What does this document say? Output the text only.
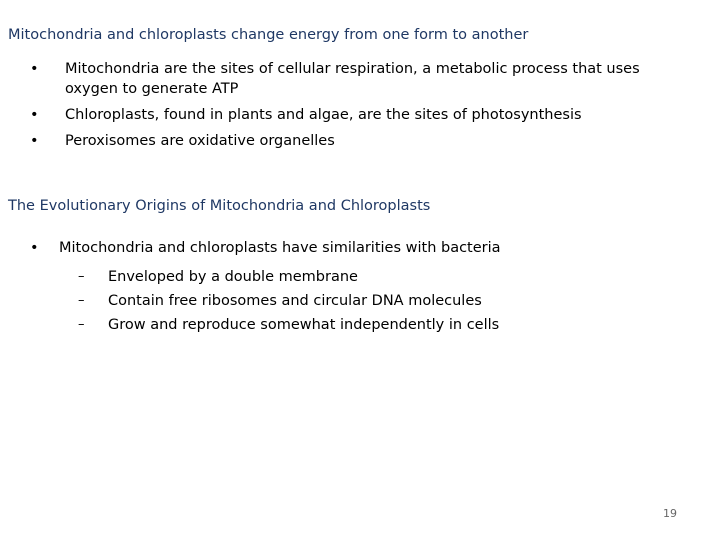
Mitochondria and chloroplasts change energy from one form to another
• Mitochondria are the sites of cellular respiration, a metabolic process that uses oxygen to generate ATP
• Chloroplasts, found in plants and algae, are the sites of photosynthesis
• Peroxisomes are oxidative organelles
The Evolutionary Origins of Mitochondria and Chloroplasts
• Mitochondria and chloroplasts have similarities with bacteria
– Enveloped by a double membrane
– Contain free ribosomes and circular DNA molecules
– Grow and reproduce somewhat independently in cells
19
